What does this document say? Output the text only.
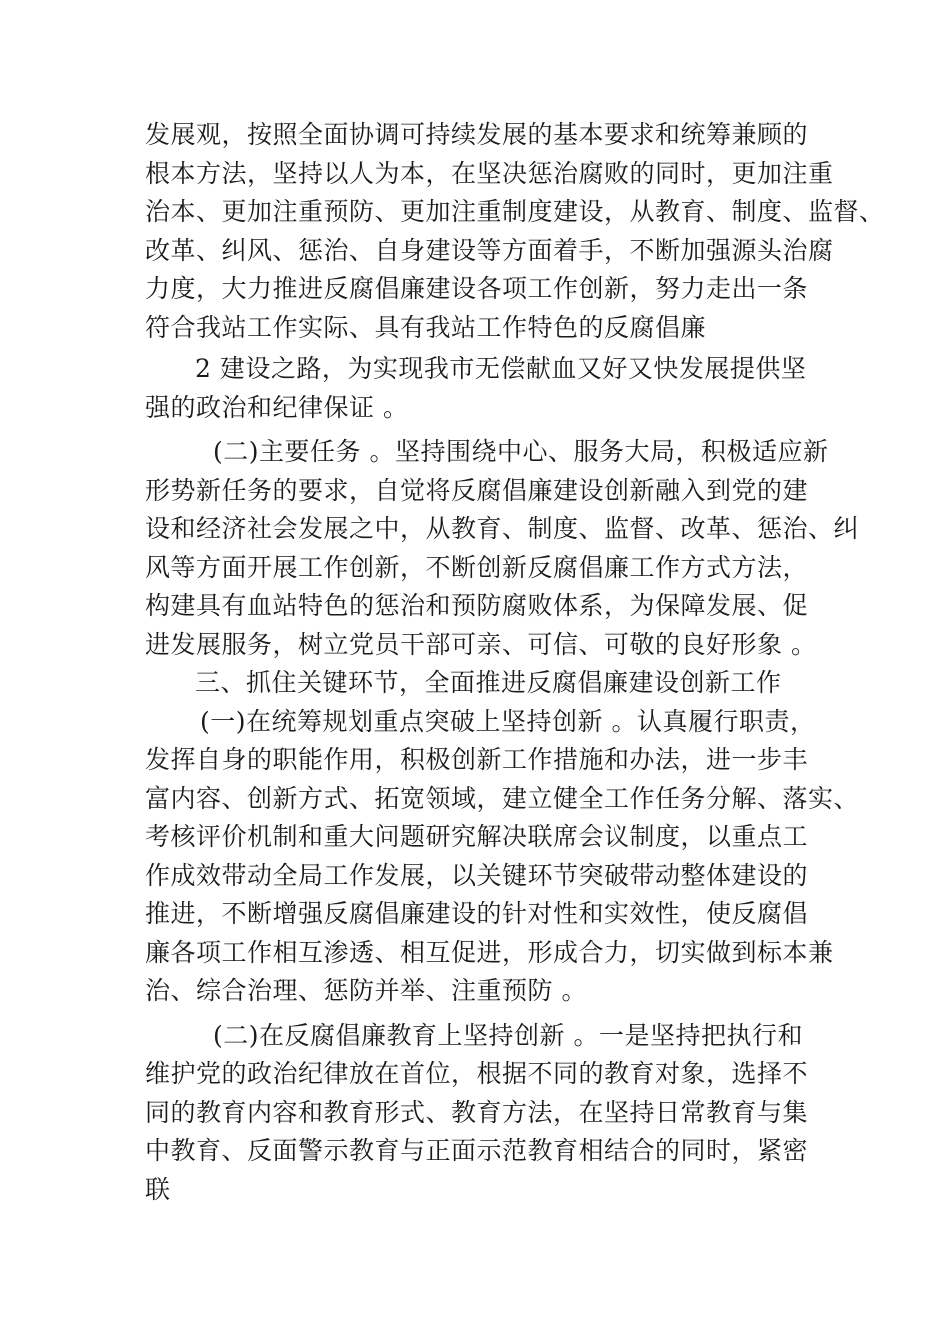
发展观，按照全面协调可持续发展的基本要求和统筹兼顾的
根本方法，坚持以人为本，在坚决惩治腐败的同时，更加注重
治本、更加注重预防、更加注重制度建设，从教育、制度、监督、
改革、纠风、惩治、自身建设等方面着手，不断加强源头治腐
力度，大力推进反腐倡廉建设各项工作创新，努力走出一条
符合我站工作实际、具有我站工作特色的反腐倡廉
2 建设之路，为实现我市无偿献血又好又快发展提供坚
强的政治和纪律保证 。
(二)主要任务 。坚持围绕中心、服务大局，积极适应新
形势新任务的要求，自觉将反腐倡廉建设创新融入到党的建
设和经济社会发展之中，从教育、制度、监督、改革、惩治、纠
风等方面开展工作创新，不断创新反腐倡廉工作方式方法，
构建具有血站特色的惩治和预防腐败体系，为保障发展、促
进发展服务，树立党员干部可亲、可信、可敬的良好形象 。
三、抓住关键环节，全面推进反腐倡廉建设创新工作
(一)在统筹规划重点突破上坚持创新 。认真履行职责，
发挥自身的职能作用，积极创新工作措施和办法，进一步丰
富内容、创新方式、拓宽领域，建立健全工作任务分解、落实、
考核评价机制和重大问题研究解决联席会议制度，以重点工
作成效带动全局工作发展，以关键环节突破带动整体建设的
推进，不断增强反腐倡廉建设的针对性和实效性，使反腐倡
廉各项工作相互渗透、相互促进，形成合力，切实做到标本兼
治、综合治理、惩防并举、注重预防 。
(二)在反腐倡廉教育上坚持创新 。一是坚持把执行和
维护党的政治纪律放在首位，根据不同的教育对象，选择不
同的教育内容和教育形式、教育方法，在坚持日常教育与集
中教育、反面警示教育与正面示范教育相结合的同时，紧密
联
